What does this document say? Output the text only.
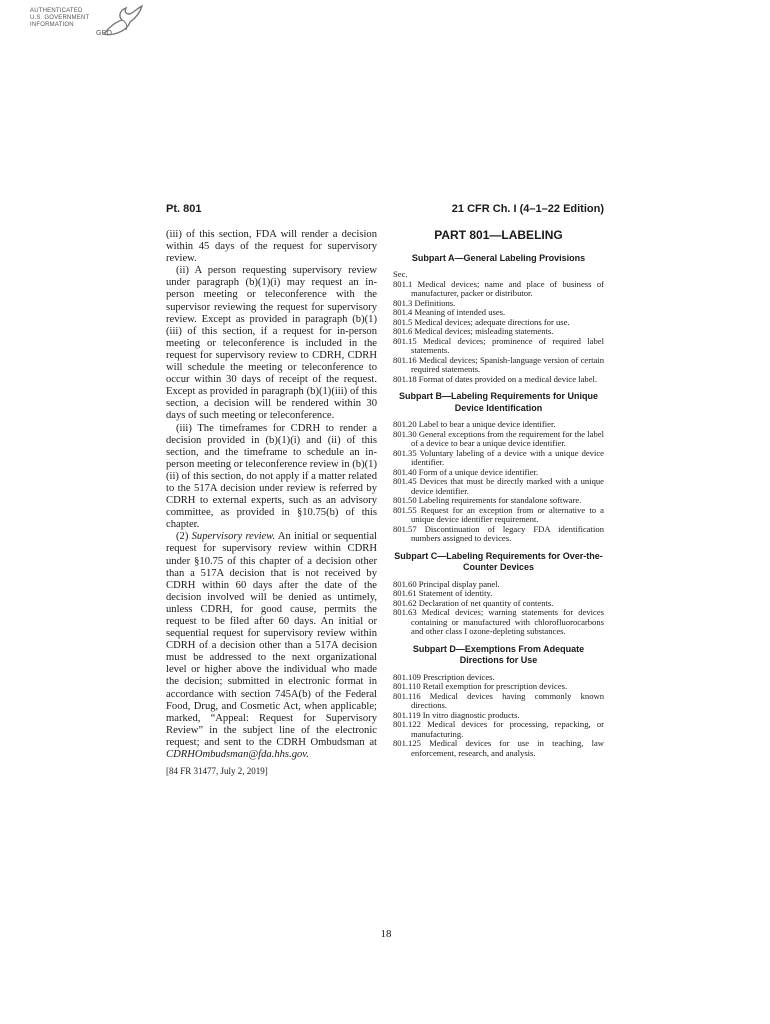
AUTHENTICATED
U.S. GOVERNMENT
INFORMATION
GPO
Pt. 801	21 CFR Ch. I (4–1–22 Edition)

(iii) of this section, FDA will render a decision within 45 days of the request for supervisory review.

(ii) A person requesting supervisory review under paragraph (b)(1)(i) may request an in-person meeting or teleconference with the supervisor reviewing the request for supervisory review. Except as provided in paragraph (b)(1)(iii) of this section, if a request for in-person meeting or teleconference is included in the request for supervisory review to CDRH, CDRH will schedule the meeting or teleconference to occur within 30 days of receipt of the request. Except as provided in paragraph (b)(1)(iii) of this section, a decision will be rendered within 30 days of such meeting or teleconference.

(iii) The timeframes for CDRH to render a decision provided in (b)(1)(i) and (ii) of this section, and the timeframe to schedule an in-person meeting or teleconference review in (b)(1)(ii) of this section, do not apply if a matter related to the 517A decision under review is referred by CDRH to external experts, such as an advisory committee, as provided in §10.75(b) of this chapter.

(2) Supervisory review. An initial or sequential request for supervisory review within CDRH under §10.75 of this chapter of a decision other than a 517A decision that is not received by CDRH within 60 days after the date of the decision involved will be denied as untimely, unless CDRH, for good cause, permits the request to be filed after 60 days. An initial or sequential request for supervisory review within CDRH of a decision other than a 517A decision must be addressed to the next organizational level or higher above the individual who made the decision; submitted in electronic format in accordance with section 745A(b) of the Federal Food, Drug, and Cosmetic Act, when applicable; marked, “Appeal: Request for Supervisory Review” in the subject line of the electronic request; and sent to the CDRH Ombudsman at CDRHOmbudsman@fda.hhs.gov.

[84 FR 31477, July 2, 2019]

PART 801—LABELING
Subpart A—General Labeling Provisions
Sec.
801.1 Medical devices; name and place of business of manufacturer, packer or distributor.
801.3 Definitions.
801.4 Meaning of intended uses.
801.5 Medical devices; adequate directions for use.
801.6 Medical devices; misleading statements.
801.15 Medical devices; prominence of required label statements.
801.16 Medical devices; Spanish-language version of certain required statements.
801.18 Format of dates provided on a medical device label.
Subpart B—Labeling Requirements for Unique Device Identification
801.20 Label to bear a unique device identifier.
801.30 General exceptions from the requirement for the label of a device to bear a unique device identifier.
801.35 Voluntary labeling of a device with a unique device identifier.
801.40 Form of a unique device identifier.
801.45 Devices that must be directly marked with a unique device identifier.
801.50 Labeling requirements for standalone software.
801.55 Request for an exception from or alternative to a unique device identifier requirement.
801.57 Discontinuation of legacy FDA identification numbers assigned to devices.
Subpart C—Labeling Requirements for Over-the-Counter Devices
801.60 Principal display panel.
801.61 Statement of identity.
801.62 Declaration of net quantity of contents.
801.63 Medical devices; warning statements for devices containing or manufactured with chlorofluorocarbons and other class I ozone-depleting substances.
Subpart D—Exemptions From Adequate Directions for Use
801.109 Prescription devices.
801.110 Retail exemption for prescription devices.
801.116 Medical devices having commonly known directions.
801.119 In vitro diagnostic products.
801.122 Medical devices for processing, repacking, or manufacturing.
801.125 Medical devices for use in teaching, law enforcement, research, and analysis.
18
